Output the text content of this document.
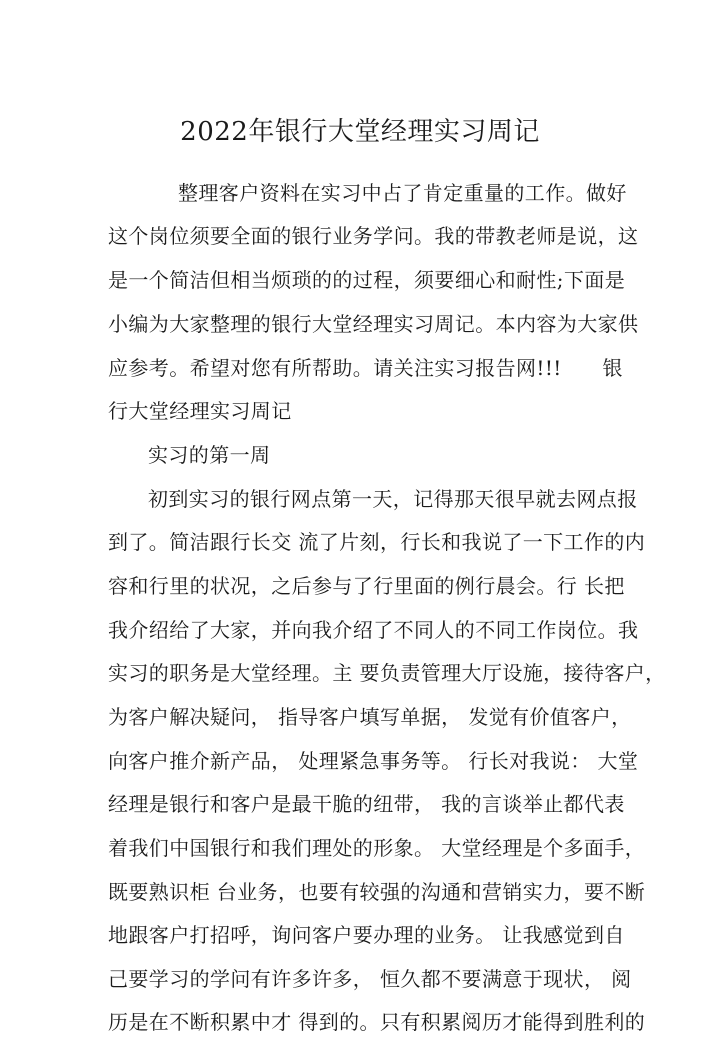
2022年银行大堂经理实习周记
整理客户资料在实习中占了肯定重量的工作。做好
这个岗位须要全面的银行业务学问。我的带教老师是说，这
是一个简洁但相当烦琐的的过程，须要细心和耐性;下面是
小编为大家整理的银行大堂经理实习周记。本内容为大家供
应参考。希望对您有所帮助。请关注实习报告网!!!　　银
行大堂经理实习周记
实习的第一周
初到实习的银行网点第一天，记得那天很早就去网点报
到了。简洁跟行长交 流了片刻，行长和我说了一下工作的内
容和行里的状况，之后参与了行里面的例行晨会。行 长把
我介绍给了大家，并向我介绍了不同人的不同工作岗位。我
实习的职务是大堂经理。主 要负责管理大厅设施，接待客户，
为客户解决疑问， 指导客户填写单据， 发觉有价值客户，
向客户推介新产品， 处理紧急事务等。 行长对我说： 大堂
经理是银行和客户是最干脆的纽带， 我的言谈举止都代表
着我们中国银行和我们理处的形象。 大堂经理是个多面手，
既要熟识柜 台业务，也要有较强的沟通和营销实力，要不断
地跟客户打招呼，询问客户要办理的业务。 让我感觉到自
己要学习的学问有许多许多， 恒久都不要满意于现状， 阅
历是在不断积累中才 得到的。只有积累阅历才能得到胜利的
